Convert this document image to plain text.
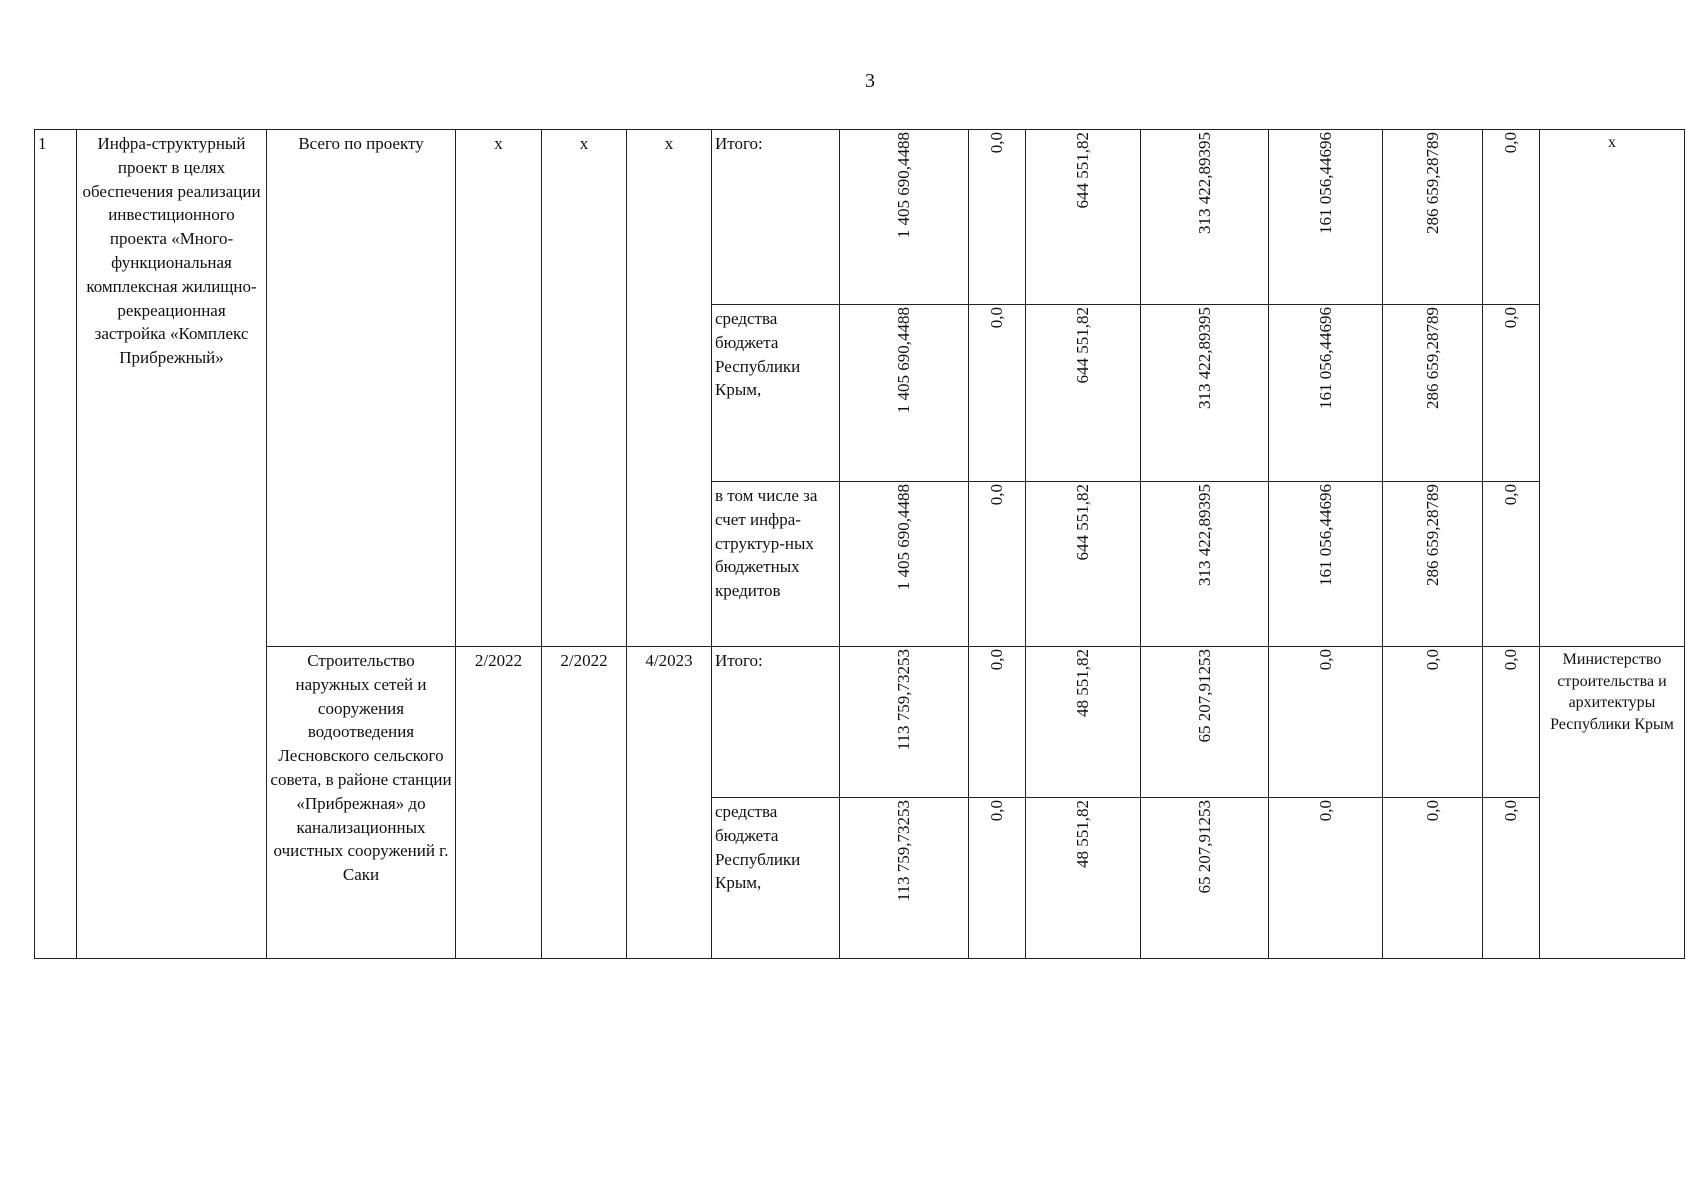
3
1	Инфра-структурный проект в целях обеспечения реализации инвестиционного проекта «Много-функциональная комплексная жилищно-рекреационная застройка «Комплекс Прибрежный»	Всего по проекту	x	x	x	Итого:	1 405 690,4488	0,0	644 551,82	313 422,89395	161 056,44696	286 659,28789	0,0	x
						средства бюджета Республики Крым,	1 405 690,4488	0,0	644 551,82	313 422,89395	161 056,44696	286 659,28789	0,0	
						в том числе за счет инфра-структур-ных бюджетных кредитов	1 405 690,4488	0,0	644 551,82	313 422,89395	161 056,44696	286 659,28789	0,0	
		Строительство наружных сетей и сооружения водоотведения Лесновского сельского совета, в районе станции «Прибрежная» до канализационных очистных сооружений г. Саки	2/2022	2/2022	4/2023	Итого:	113 759,73253	0,0	48 551,82	65 207,91253	0,0	0,0	0,0	Министерство строительства и архитектуры Республики Крым
						средства бюджета Республики Крым,	113 759,73253	0,0	48 551,82	65 207,91253	0,0	0,0	0,0	
